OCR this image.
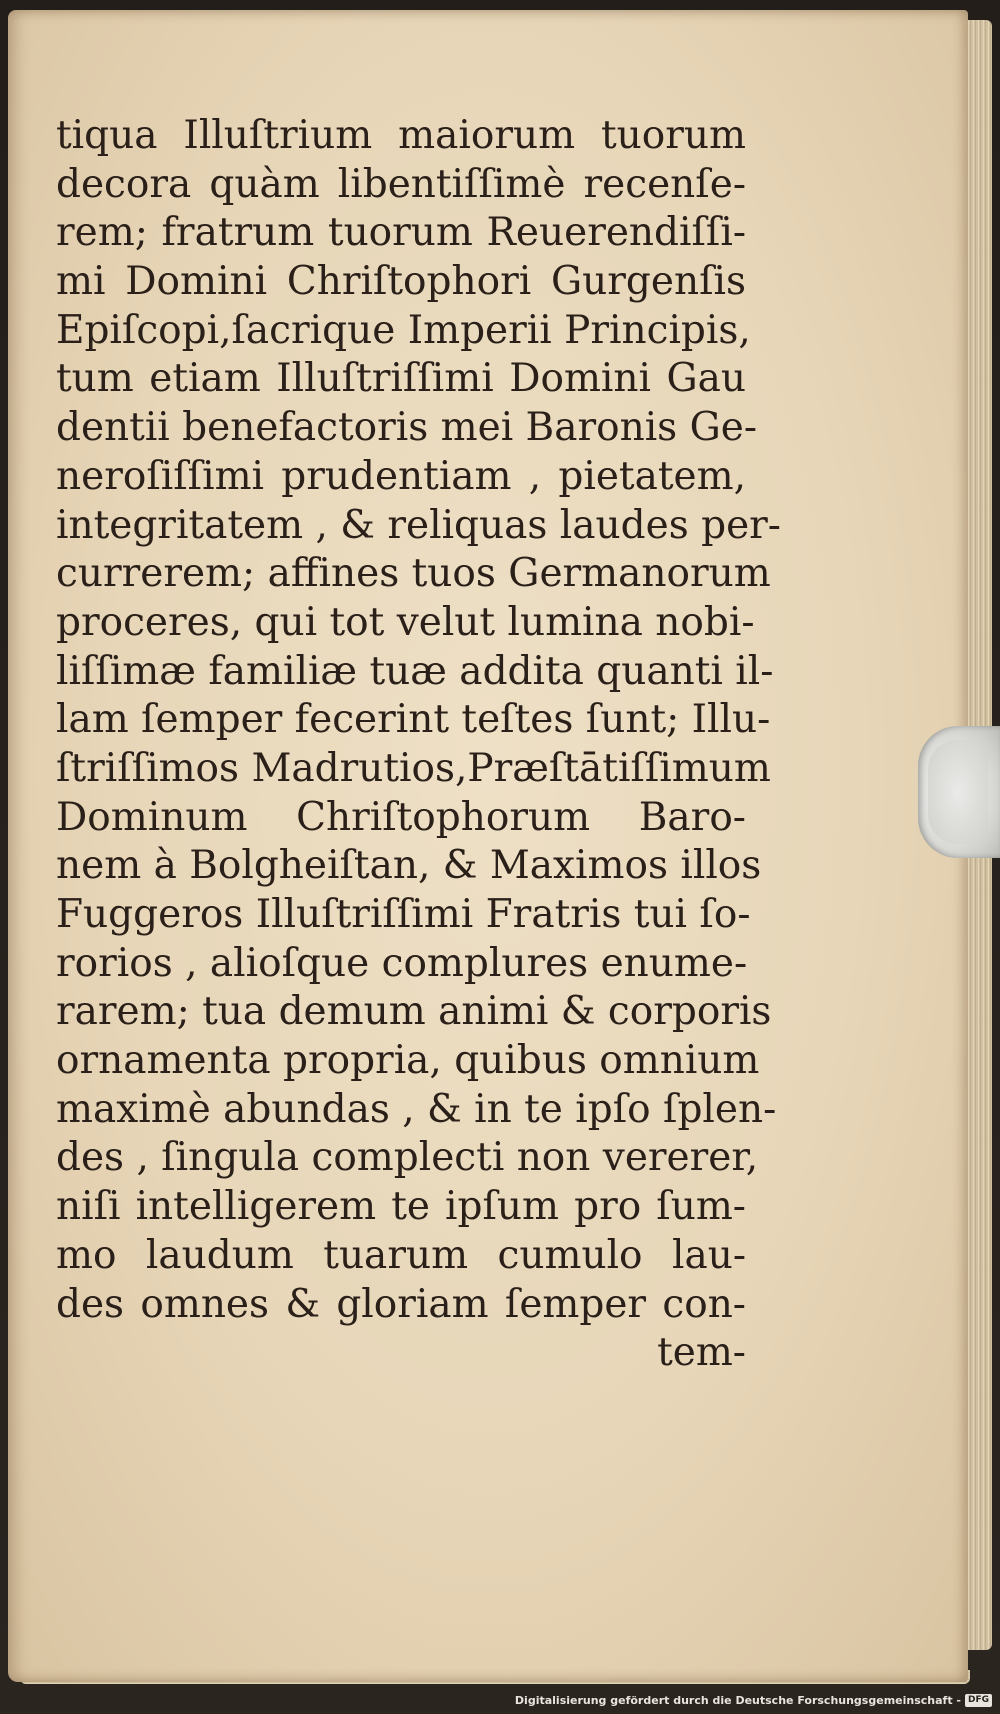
tiqua Illuſtrium maiorum tuorum
decora quàm libentiſſimè recenſe-
rem; fratrum tuorum Reuerendiſſi-
mi Domini Chriſtophori Gurgenſis
Epiſcopi,ſacrique Imperii Principis,
tum etiam Illuſtriſſimi Domini Gau
dentii benefactoris mei Baronis Ge-
neroſiſſimi prudentiam , pietatem,
integritatem , & reliquas laudes per-
currerem; affines tuos Germanorum
proceres, qui tot velut lumina nobi-
liſſimæ familiæ tuæ addita quanti il-
lam ſemper fecerint teſtes ſunt; Illu-
ſtriſſimos Madrutios,Præſtātiſſimum
Dominum Chriſtophorum Baro-
nem à Bolgheiſtan, & Maximos illos
Fuggeros Illuſtriſſimi Fratris tui ſo-
rorios , alioſque complures enume-
rarem; tua demum animi & corporis
ornamenta propria, quibus omnium
maximè abundas , & in te ipſo ſplen-
des , ſingula complecti non vererer,
niſi intelligerem te ipſum pro ſum-
mo laudum tuarum cumulo lau-
des omnes & gloriam ſemper con-
tem-
Digitalisierung gefördert durch die Deutsche Forschungsgemeinschaft - DFG
